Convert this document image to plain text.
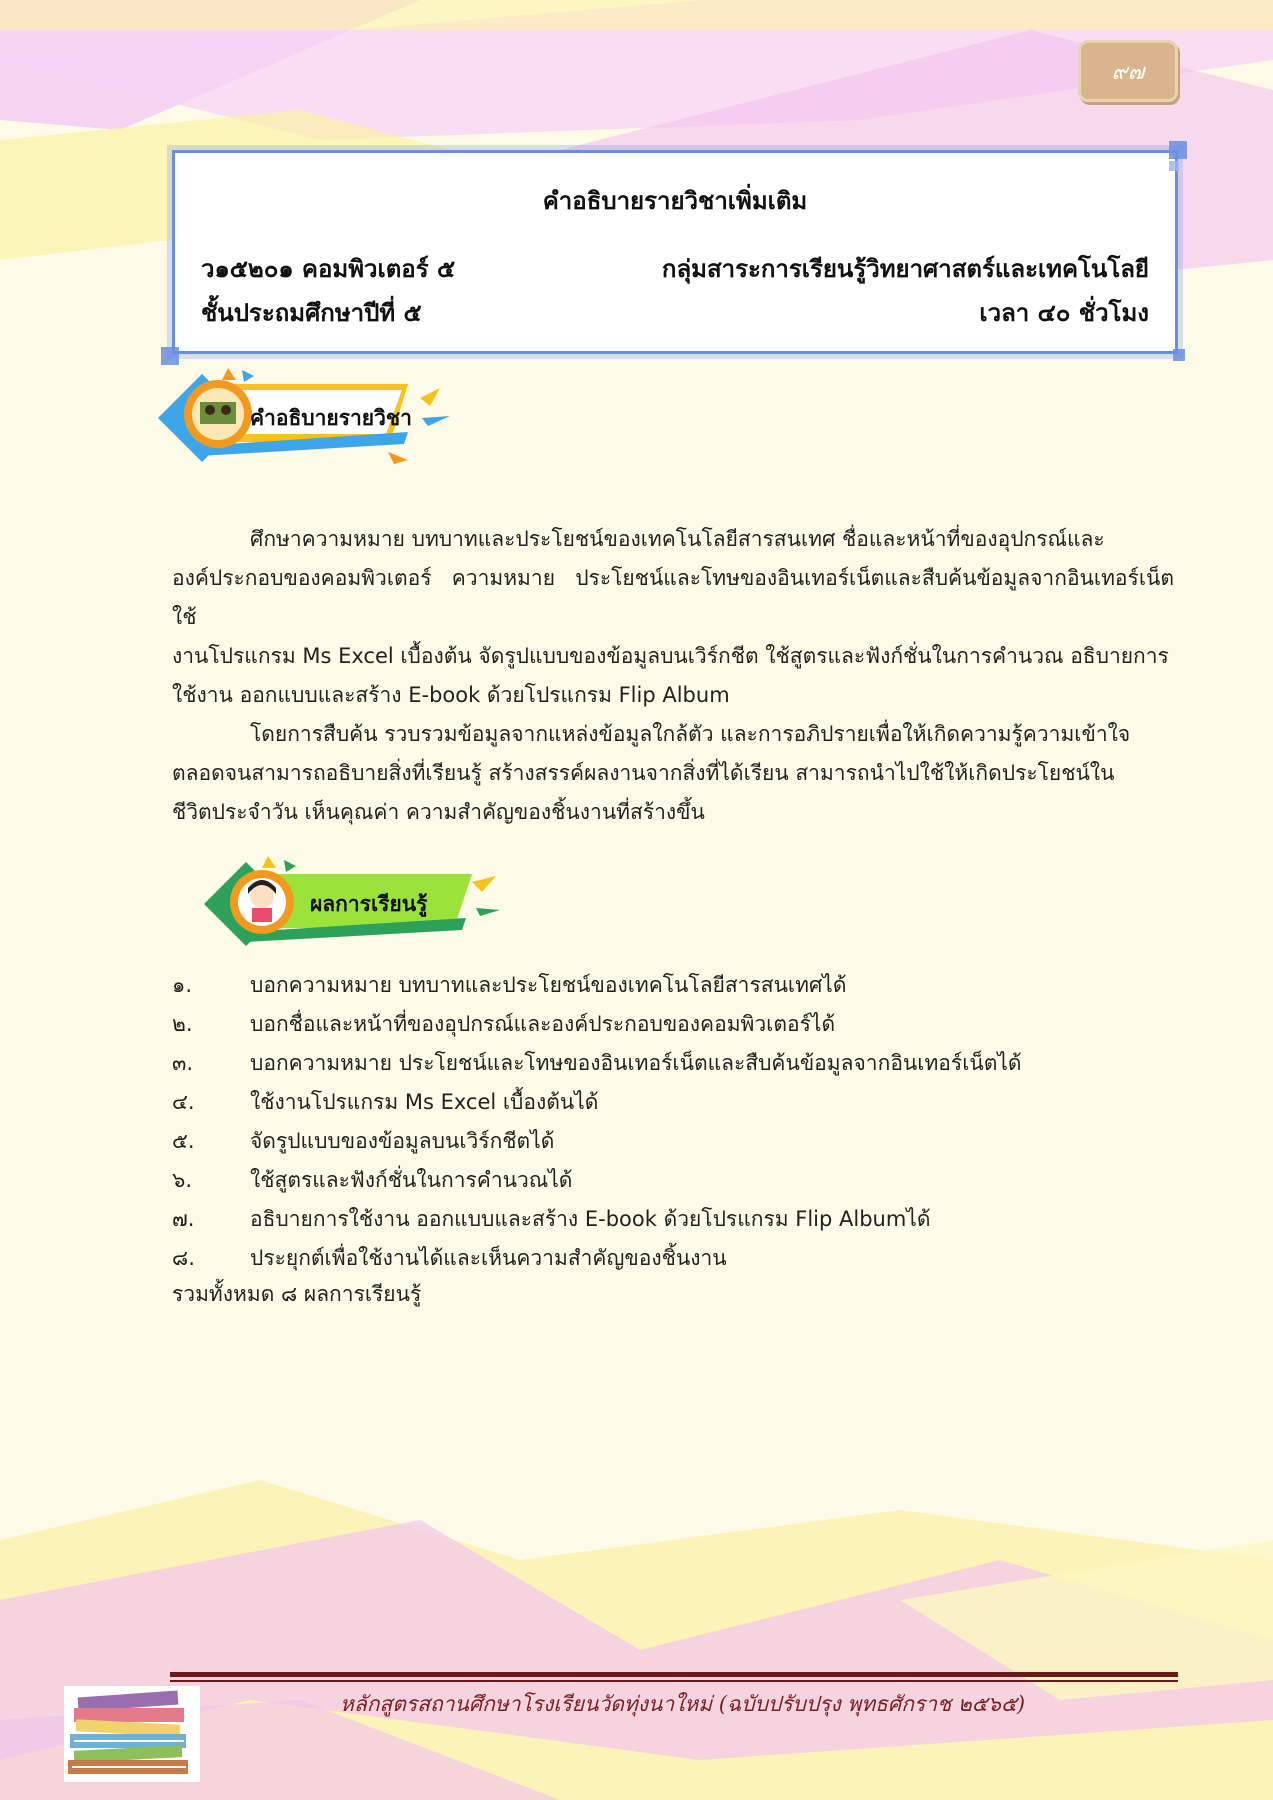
๙๗
คำอธิบายรายวิชาเพิ่มเติม
ว๑๕๒๐๑ คอมพิวเตอร์ ๕	กลุ่มสาระการเรียนรู้วิทยาศาสตร์และเทคโนโลยี
ชั้นประถมศึกษาปีที่ ๕	เวลา ๔๐ ชั่วโมง
คำอธิบายรายวิชา

ศึกษาความหมาย บทบาทและประโยชน์ของเทคโนโลยีสารสนเทศ ชื่อและหน้าที่ของอุปกรณ์และ
องค์ประกอบของคอมพิวเตอร์ ความหมาย ประโยชน์และโทษของอินเทอร์เน็ตและสืบค้นข้อมูลจากอินเทอร์เน็ต ใช้
งานโปรแกรม Ms Excel เบื้องต้น จัดรูปแบบของข้อมูลบนเวิร์กชีต ใช้สูตรและฟังก์ชั่นในการคำนวณ อธิบายการ
ใช้งาน ออกแบบและสร้าง E-book ด้วยโปรแกรม Flip Album

โดยการสืบค้น รวบรวมข้อมูลจากแหล่งข้อมูลใกล้ตัว และการอภิปรายเพื่อให้เกิดความรู้ความเข้าใจ
ตลอดจนสามารถอธิบายสิ่งที่เรียนรู้ สร้างสรรค์ผลงานจากสิ่งที่ได้เรียน สามารถนำไปใช้ให้เกิดประโยชน์ใน
ชีวิตประจำวัน เห็นคุณค่า ความสำคัญของชิ้นงานที่สร้างขึ้น

ผลการเรียนรู้
๑.	บอกความหมาย บทบาทและประโยชน์ของเทคโนโลยีสารสนเทศได้
๒.	บอกชื่อและหน้าที่ของอุปกรณ์และองค์ประกอบของคอมพิวเตอร์ได้
๓.	บอกความหมาย ประโยชน์และโทษของอินเทอร์เน็ตและสืบค้นข้อมูลจากอินเทอร์เน็ตได้
๔.	ใช้งานโปรแกรม Ms Excel เบื้องต้นได้
๕.	จัดรูปแบบของข้อมูลบนเวิร์กชีตได้
๖.	ใช้สูตรและฟังก์ชั่นในการคำนวณได้
๗.	อธิบายการใช้งาน ออกแบบและสร้าง E-book ด้วยโปรแกรม Flip Albumได้
๘.	ประยุกต์เพื่อใช้งานได้และเห็นความสำคัญของชิ้นงาน
รวมทั้งหมด ๘ ผลการเรียนรู้
หลักสูตรสถานศึกษาโรงเรียนวัดทุ่งนาใหม่ (ฉบับปรับปรุง พุทธศักราช ๒๕๖๕)
